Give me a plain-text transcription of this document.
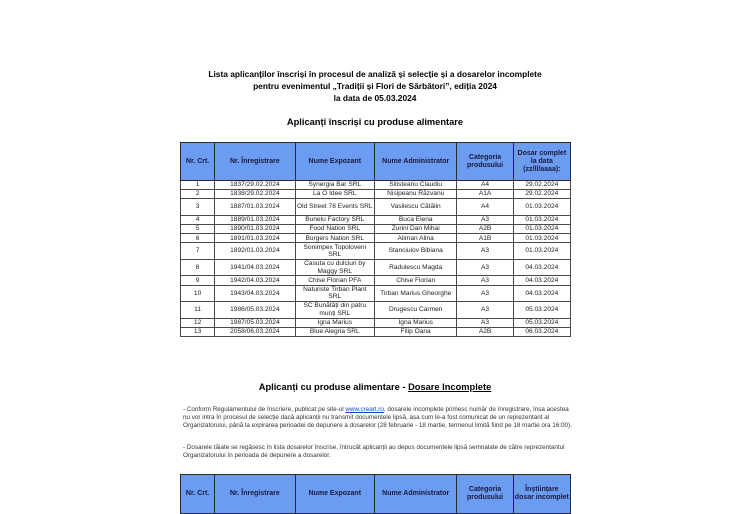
Lista aplicanților înscriși în procesul de analiză și selecție și a dosarelor incomplete
pentru evenimentul „Tradiții și Flori de Sărbători”, ediția 2024
la data de 05.03.2024
Aplicanți înscriși cu produse alimentare
Nr. Crt.	Nr. Înregistrare	Nume Expozant	Nume Administrator	Categoria produsului	Dosar complet la data (zz/ll/aaaa):
1	1837/29.02.2024	Synergia Bar SRL	Silisteanu Claudiu	A4	29.02.2024
2	1838/29.02.2024	La O Idee SRL	Nisipeanu Răzvanu	A1A	29.02.2024
3	1887/01.03.2024	Old Street 78 Events SRL	Vasilescu Cătălin	A4	01.03.2024
4	1889/01.03.2024	Bunelu Factory SRL	Buca Elena	A3	01.03.2024
5	1890/01.03.2024	Food Nation SRL	Zurini Dan Mihai	A2B	01.03.2024
6	1891/01.03.2024	Burgers Nation SRL	Aliman Alina	A1B	01.03.2024
7	1892/01.03.2024	Sonimpex Topoloveni SRL	Stanciulov Bibiana	A3	01.03.2024
8	1941/04.03.2024	Casuta cu dulciuri by Maggy SRL	Radulescu Magda	A3	04.03.2024
9	1942/04.03.2024	Chise Florian PFA	Chise Florian	A3	04.03.2024
10	1943/04.03.2024	Naturiste Tirban Plant SRL	Tirban Marius Gheorghe	A3	04.03.2024
11	1986/05.03.2024	SC Bunătăți din patru munți SRL	Drugescu Carmen	A3	05.03.2024
12	1987/05.03.2024	Igna Marius	Igna Marius	A3	05.03.2024
13	2058/06.03.2024	Blue Alegria SRL	Filip Oana	A2B	06.03.2024
Aplicanți cu produse alimentare - Dosare Incomplete
- Conform Regulamentului de înscriere, publicat pe site-ul www.creart.ro, dosarele incomplete primesc număr de înregistrare, însa acestea nu vor intra în procesul de selecție dacă aplicanții nu transmit documentele lipsă, așa cum le-a fost comunicat de un reprezentant al Organizatorului, până la expirarea perioadei de depunere a dosarelor (28 februarie - 18 martie, termenul limită fiind pe 18 martie ora 16:00).
- Dosarele tăiate se regăsesc în lista dosarelor înscrise, întrucât aplicanții au depus documentele lipsă semnalate de către reprezentantul Organizatorului în perioada de depunere a dosarelor.
Nr. Crt.	Nr. Înregistrare	Nume Expozant	Nume Administrator	Categoria produsului	Înștiințare dosar incomplet
